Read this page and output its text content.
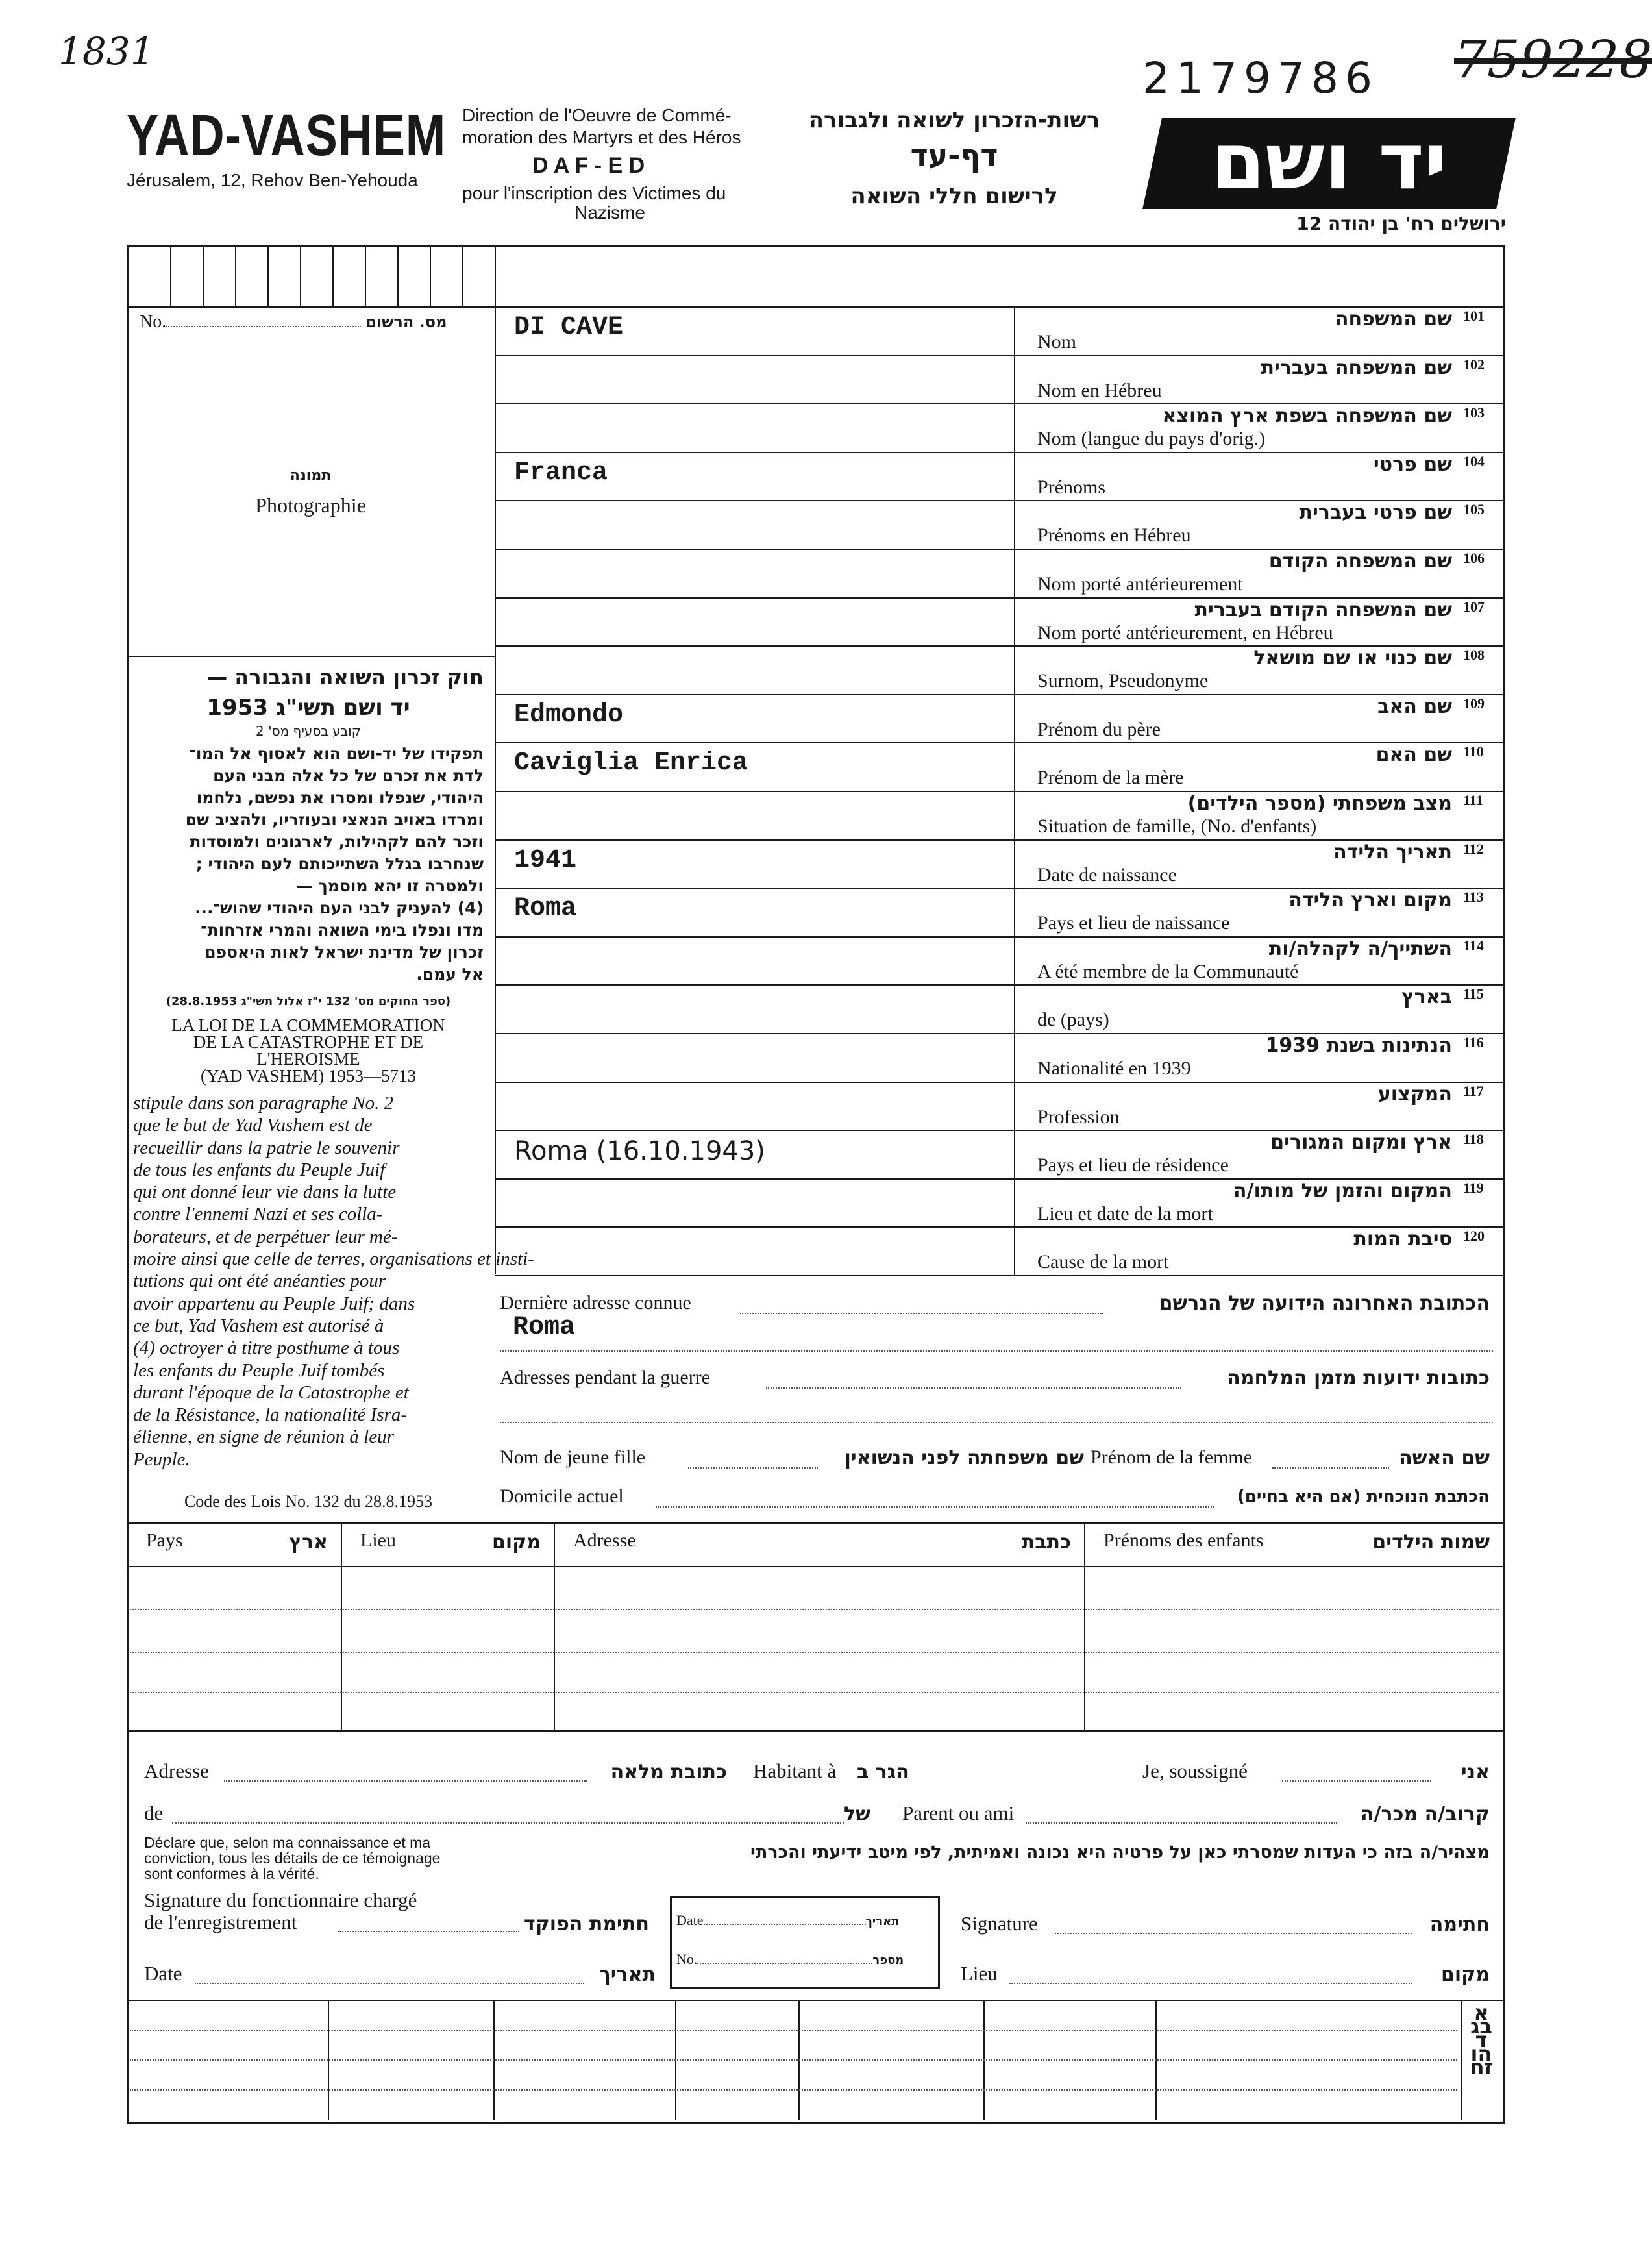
1831
2179786 759228
YAD-VASHEM
Jérusalem, 12, Rehov Ben-Yehouda
Direction de l'Oeuvre de Commé-
moration des Martyrs et des Héros
D A F - E D
pour l'inscription des Victimes du
Nazisme
רשות-הזכרון לשואה ולגבורה
דף-עד
לרישום חללי השואה	יד ושם
ירושלים רח' בן יהודה 12
No.	מס. הרשום
תמונה
Photographie
חוק זכרון השואה והגבורה —
יד ושם תשי"ג 1953
קובע בסעיף מס' 2
תפקידו של יד-ושם הוא לאסוף אל המו־
לדת את זכרם של כל אלה מבני העם
היהודי, שנפלו ומסרו את נפשם, נלחמו
ומרדו באויב הנאצי ובעוזריו, ולהציב שם
וזכר להם לקהילות, לארגונים ולמוסדות
שנחרבו בגלל השתייכותם לעם היהודי ;
ולמטרה זו יהא מוסמך —
(4) להעניק לבני העם היהודי שהוש־...
מדו ונפלו בימי השואה והמרי אזרחות־
זכרון של מדינת ישראל לאות היאספם
אל עמם.
(ספר החוקים מס' 132 י"ז אלול תשי"ג 28.8.1953)
LA LOI DE LA COMMEMORATION
DE LA CATASTROPHE ET DE
L'HEROISME
(YAD VASHEM) 1953—5713
stipule dans son paragraphe No. 2
que le but de Yad Vashem est de
recueillir dans la patrie le souvenir
de tous les enfants du Peuple Juif
qui ont donné leur vie dans la lutte
contre l'ennemi Nazi et ses colla-
borateurs, et de perpétuer leur mé-
moire ainsi que celle de terres, organisations et insti-
tutions qui ont été anéanties pour
avoir appartenu au Peuple Juif; dans
ce but, Yad Vashem est autorisé à
(4) octroyer à titre posthume à tous
les enfants du Peuple Juif tombés
durant l'époque de la Catastrophe et
de la Résistance, la nationalité Isra-
élienne, en signe de réunion à leur
Peuple.
Code des Lois No. 132 du 28.8.1953
DI CAVE	Nom
שם המשפחה 101
Nom en Hébreu
שם המשפחה בעברית 102
Nom (langue du pays d'orig.)
שם המשפחה בשפת ארץ המוצא 103
Franca	Prénoms
שם פרטי 104
Prénoms en Hébreu
שם פרטי בעברית 105
Nom porté antérieurement
שם המשפחה הקודם 106
Nom porté antérieurement, en Hébreu
שם המשפחה הקודם בעברית 107
Surnom, Pseudonyme
שם כנוי או שם מושאל 108
Edmondo	Prénom du père
שם האב 109
Caviglia Enrica	Prénom de la mère
שם האם 110
Situation de famille, (No. d'enfants)
מצב משפחתי (מספר הילדים) 111
1941	Date de naissance
תאריך הלידה 112
Roma	Pays et lieu de naissance
מקום וארץ הלידה 113
A été membre de la Communauté
השתייך/ה לקהלה/ות 114
de (pays)
בארץ 115
Nationalité en 1939
הנתינות בשנת 1939 116
Profession
המקצוע 117
Roma (16.10.1943)	Pays et lieu de résidence
ארץ ומקום המגורים 118
Lieu et date de la mort
המקום והזמן של מותו/ה 119
Cause de la mort
סיבת המות 120
Dernière adresse connue	הכתובת האחרונה הידועה של הנרשם
Roma
Adresses pendant la guerre	כתובות ידועות מזמן המלחמה
Nom de jeune fille	שם משפחתה לפני הנשואין Prénom de la femme	שם האשה
Domicile actuel	הכתבת הנוכחית (אם היא בחיים)
Pays	ארץ Lieu	מקום Adresse	כתבת Prénoms des enfants	שמות הילדים
Adresse	כתובת מלאה Habitant à הגר ב	Je, soussigné	אני
de	של	Parent ou ami	קרוב/ה מכר/ה
Déclare que, selon ma connaissance et ma
conviction, tous les détails de ce témoignage
sont conformes à la vérité.
מצהיר/ה בזה כי העדות שמסרתי כאן על פרטיה היא נכונה ואמיתית, לפי מיטב ידיעתי והכרתי
Signature du fonctionnaire chargé
de l'enregistrement	חתימת הפוקד
Date	תאריך
Date	תאריך
No.	מספר
Signature	חתימה
Lieu	מקום
אבגדהוזח
